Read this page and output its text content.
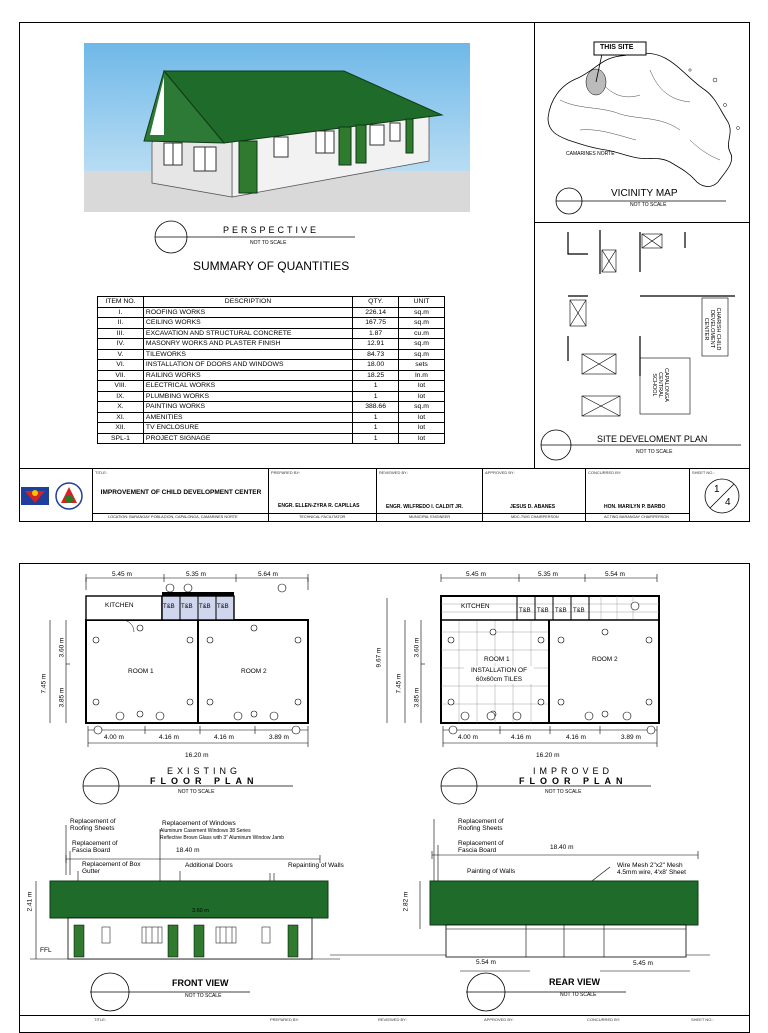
PERSPECTIVE
NOT TO SCALE
SUMMARY OF QUANTITIES
ITEM NO.	DESCRIPTION	QTY.	UNIT
I.	ROOFING WORKS	226.14	sq.m
II.	CEILING WORKS	167.75	sq.m
III.	EXCAVATION AND STRUCTURAL CONCRETE	1.87	cu.m
IV.	MASONRY WORKS AND PLASTER FINISH	12.91	sq.m
V.	TILEWORKS	84.73	sq.m
VI.	INSTALLATION OF DOORS AND WINDOWS	18.00	sets
VII.	RAILING WORKS	18.25	ln.m
VIII.	ELECTRICAL WORKS	1	lot
IX.	PLUMBING WORKS	1	lot
X.	PAINTING WORKS	388.66	sq.m
XI.	AMENITIES	1	lot
XII.	TV ENCLOSURE	1	lot
SPL-1	PROJECT SIGNAGE	1	lot
THIS SITE
CAMARINES NORTE
VICINITY MAP
NOT TO SCALE
CHARISH CHILD DEVELOMENT CENTER
CAPALONGA CENTRAL SCHOOL
SITE DEVELOMENT PLAN
NOT TO SCALE
TITLE:
IMPROVEMENT OF CHILD DEVELOPMENT CENTER
LOCATION: BARANGAY POBLACION, CAPALONGA, CAMARINES NORTE
PREPARED BY:
ENGR. ELLEN-ZYRA R. CAPILLAS
TECHNICAL FACILITATOR
REVIEWED BY:
ENGR. WILFREDO I. CALDIT JR.
MUNICIPAL ENGINEER
APPROVED BY:
JESUS D. ABANES
MDC-TWG CHAIRPERSON
CONCURRED BY:
HON. MARILYN P. BARBO
ACTING BARANGAY CHAIRPERSON
SHEET NO.:
1
4
5.45 m	5.35 m	5.64 m
7.45 m
3.60 m
3.85 m
KITCHEN	T&B T&B T&B T&B
ROOM 1	ROOM 2
4.00 m	4.16 m	4.16 m	3.89 m
16.20 m
EXISTING
FLOOR PLAN
NOT TO SCALE
5.45 m	5.35 m	5.54 m
9.67 m
7.45 m
3.60 m
3.85 m
KITCHEN
T&B T&B T&B T&B
ROOM 1
INSTALLATION OF 60x60cm TILES
ROOM 2
4.00 m	4.16 m	4.16 m	3.89 m
16.20 m
IMPROVED
FLOOR PLAN
NOT TO SCALE
Replacement of Roofing Sheets
Replacement of Fascia Board
Replacement of Box Gutter
Replacement of Windows
Aluminum Casement Windows 38 Series
Reflective Brown Glass with 3" Aluminum Window Jamb
18.40 m
Additional Doors	Repainting of Walls
2.41 m	3.60 m
FFL
FRONT VIEW
NOT TO SCALE
Replacement of Roofing Sheets
Replacement of Fascia Board	18.40 m
Painting of Walls
Wire Mesh 2"x2" Mesh
4.5mm wire, 4'x8' Sheet
2.82 m
5.54 m	5.45 m
REAR VIEW
NOT TO SCALE
TITLE:	PREPARED BY:	REVIEWED BY:	APPROVED BY:	CONCURRED BY:	SHEET NO.:
